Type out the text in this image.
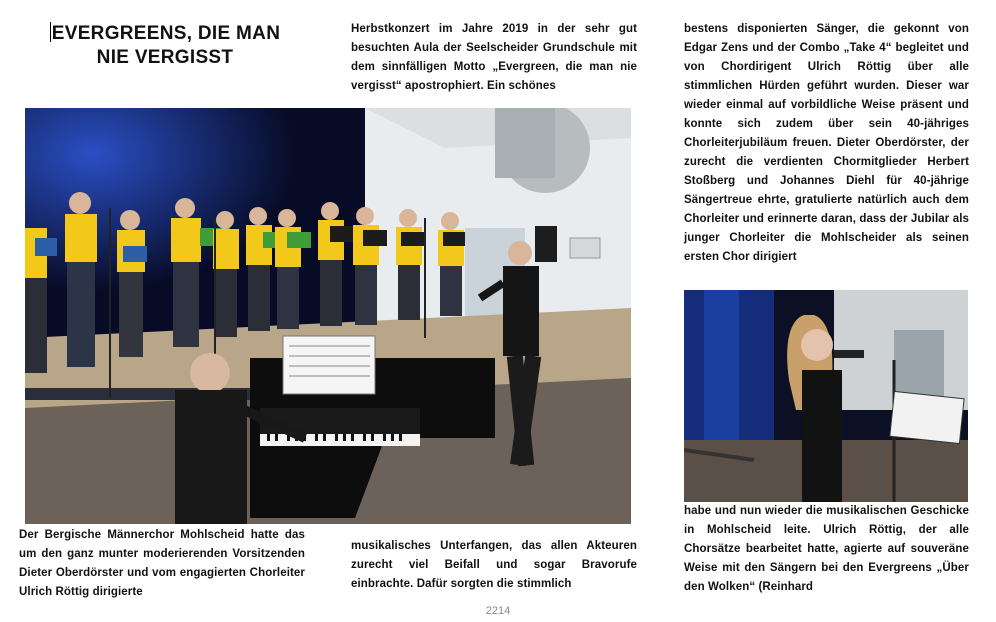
EVERGREENS, DIE MAN
NIE VERGISST

Der Bergische Männerchor Mohlscheid hatte das um den ganz munter moderierenden Vorsitzenden Dieter Oberdörster und vom engagierten Chorleiter Ulrich Röttig dirigierte

Herbstkonzert im Jahre 2019 in der sehr gut besuchten Aula der Seelscheider Grundschule mit dem sinnfälligen Motto „Evergreen, die man nie vergisst“ apostrophiert. Ein schönes

musikalisches Unterfangen, das allen Akteuren zurecht viel Beifall und sogar Bravorufe einbrachte. Dafür sorgten die stimmlich

bestens disponierten Sänger, die gekonnt von Edgar Zens und der Combo „Take 4“ begleitet und von Chordirigent Ulrich Röttig über alle stimmlichen Hürden geführt wurden. Dieser war wieder einmal auf vorbildliche Weise präsent und konnte sich zudem über sein 40-jähriges Chorleiterjubiläum freuen. Dieter Oberdörster, der zurecht die verdienten Chormitglieder Herbert Stoßberg und Johannes Diehl für 40-jährige Sängertreue ehrte, gratulierte natürlich auch dem Chorleiter und erinnerte daran, dass der Jubilar als junger Chorleiter die Mohlscheider als seinen ersten Chor dirigiert

habe und nun wieder die musikalischen Geschicke in Mohlscheid leite. Ulrich Röttig, der alle Chorsätze bearbeitet hatte, agierte auf souveräne Weise mit den Sängern bei den Evergreens „Über den Wolken“ (Reinhard

2214
